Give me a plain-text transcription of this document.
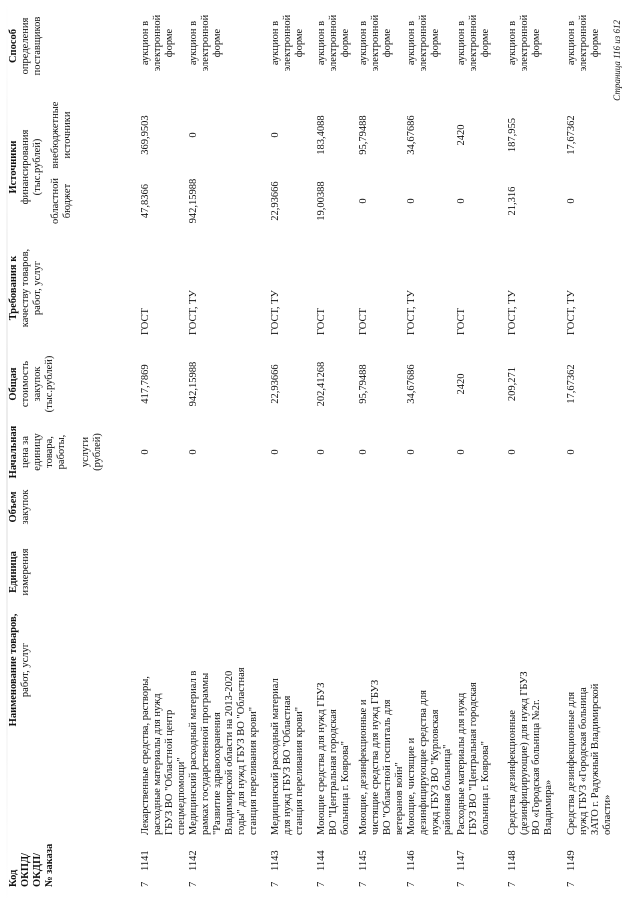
Код ОКПД/ ОКДП/ № заказа
Наименование товаров, работ, услуг
Единица измерения
Объем закупок
Начальная цена за единицу товара, работы,
услуги (рублей)
Общая стоимость закупок (тыс.рублей)
Требования к качеству товаров, работ, услуг
Источники финансирования (тыс.рублей)
областной бюджет
внебюджетные источники
Способ определения поставщиков
7
1141
Лекарственные средства, растворы, расходные материалы для нужд ГБУЗ ВО "Областной центр спецмедпомощи"
0
417,7869
ГОСТ
47,8366
369,9503
аукцион в электронной форме
7
1142
Медицинский расходный материал в рамках государственной программы "Развитие здравоохранения Владимирской области на 2013-2020 годы" для нужд ГБУЗ ВО "Областная станция переливания крови"
0
942,15988
ГОСТ, ТУ
942,15988
0
аукцион в электронной форме
7
1143
Медицинский расходный материал для нужд ГБУЗ ВО "Областная станция переливания крови"
0
22,93666
ГОСТ, ТУ
22,93666
0
аукцион в электронной форме
7
1144
Моющие средства для нужд ГБУЗ ВО "Центральная городская больница г. Коврова"
0
202,41268
ГОСТ
19,00388
183,4088
аукцион в электронной форме
7
1145
Моющие, дезинфекционные и чистящие средства для нужд ГБУЗ ВО "Областной госпиталь для ветеранов войн"
0
95,79488
ГОСТ
0
95,79488
аукцион в электронной форме
7
1146
Моющие, чистящие и дезинфицирующие средства для нужд ГБУЗ ВО "Курловская районная больница"
0
34,67686
ГОСТ, ТУ
0
34,67686
аукцион в электронной форме
7
1147
Расходные материалы для нужд ГБУЗ ВО "Центральная городская больница г. Коврова"
0
2420
ГОСТ
0
2420
аукцион в электронной форме
7
1148
Средства дезинфекционные (дезинфицирующие) для нужд ГБУЗ ВО «Городская больница №2г. Владимира»
0
209,271
ГОСТ, ТУ
21,316
187,955
аукцион в электронной форме
7
1149
Средства дезинфекционные для нужд ГБУЗ «Городская больница ЗАТО г. Радужный Владимирской области»
0
17,67362
ГОСТ, ТУ
0
17,67362
аукцион в электронной форме Страница 116 из 612
